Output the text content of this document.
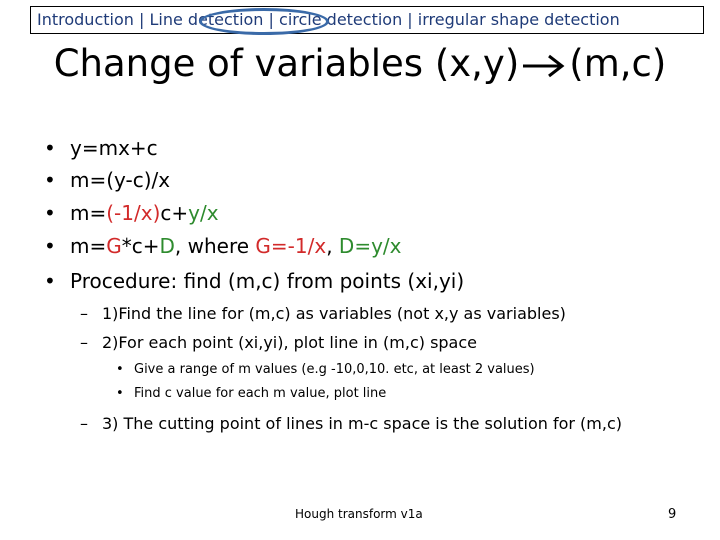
Introduction | Line detection | circle detection | irregular shape detection
Change of variables (x,y) (m,c)
• y=mx+c
• m=(y-c)/x
• m=(-1/x)c+y/x
• m=G*c+D, where G=-1/x, D=y/x
• Procedure: find (m,c) from points (xi,yi)
– 1)Find the line for (m,c) as variables (not x,y as variables)
– 2)For each point (xi,yi), plot line in (m,c) space
• Give a range of m values (e.g -10,0,10. etc, at least 2 values)
• Find c value for each m value, plot line
– 3) The cutting point of lines in m-c space is the solution for (m,c)
Hough transform v1a	9
